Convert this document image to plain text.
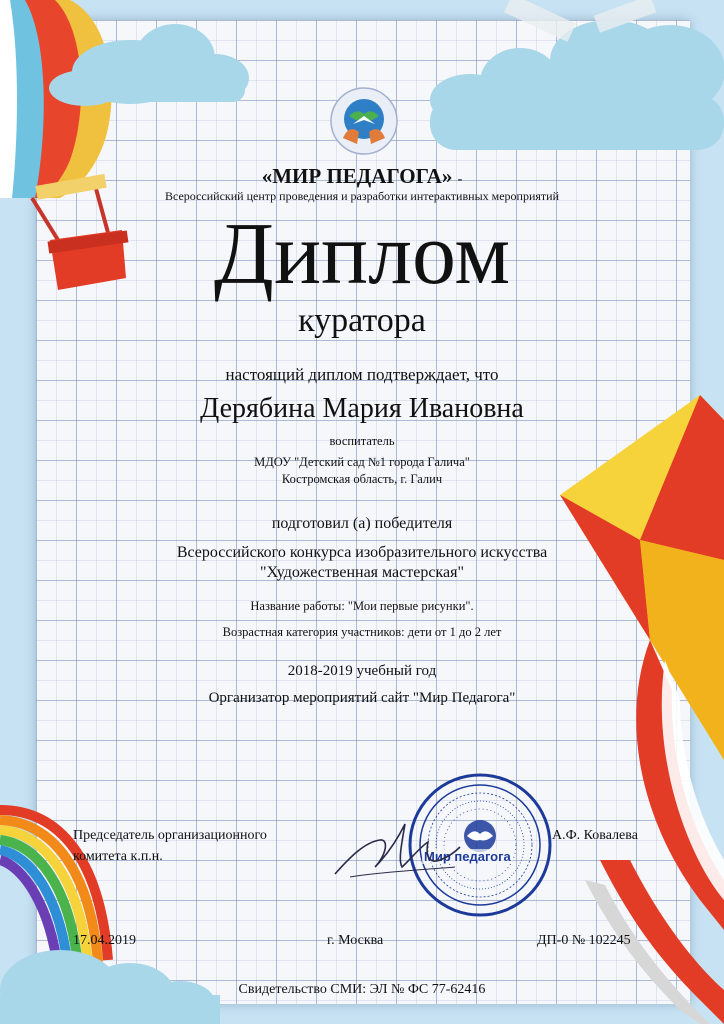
«МИР ПЕДАГОГА» -
Всероссийский центр проведения и разработки интерактивных мероприятий
Диплом
куратора
настоящий диплом подтверждает, что
Дерябина Мария Ивановна
воспитатель
МДОУ "Детский сад №1 города Галича"
Костромская область, г. Галич
подготовил (а) победителя
Всероссийского конкурса изобразительного искусства
"Художественная мастерская"
Название работы: "Мои первые рисунки".
Возрастная категория участников: дети от 1 до 2 лет
2018-2019 учебный год
Организатор мероприятий сайт "Мир Педагога"
Председатель организационного
комитета к.п.н.	Мир педагога
А.Ф. Ковалева
17.04.2019	г. Москва	ДП-0 № 102245
Свидетельство СМИ: ЭЛ № ФС 77-62416
